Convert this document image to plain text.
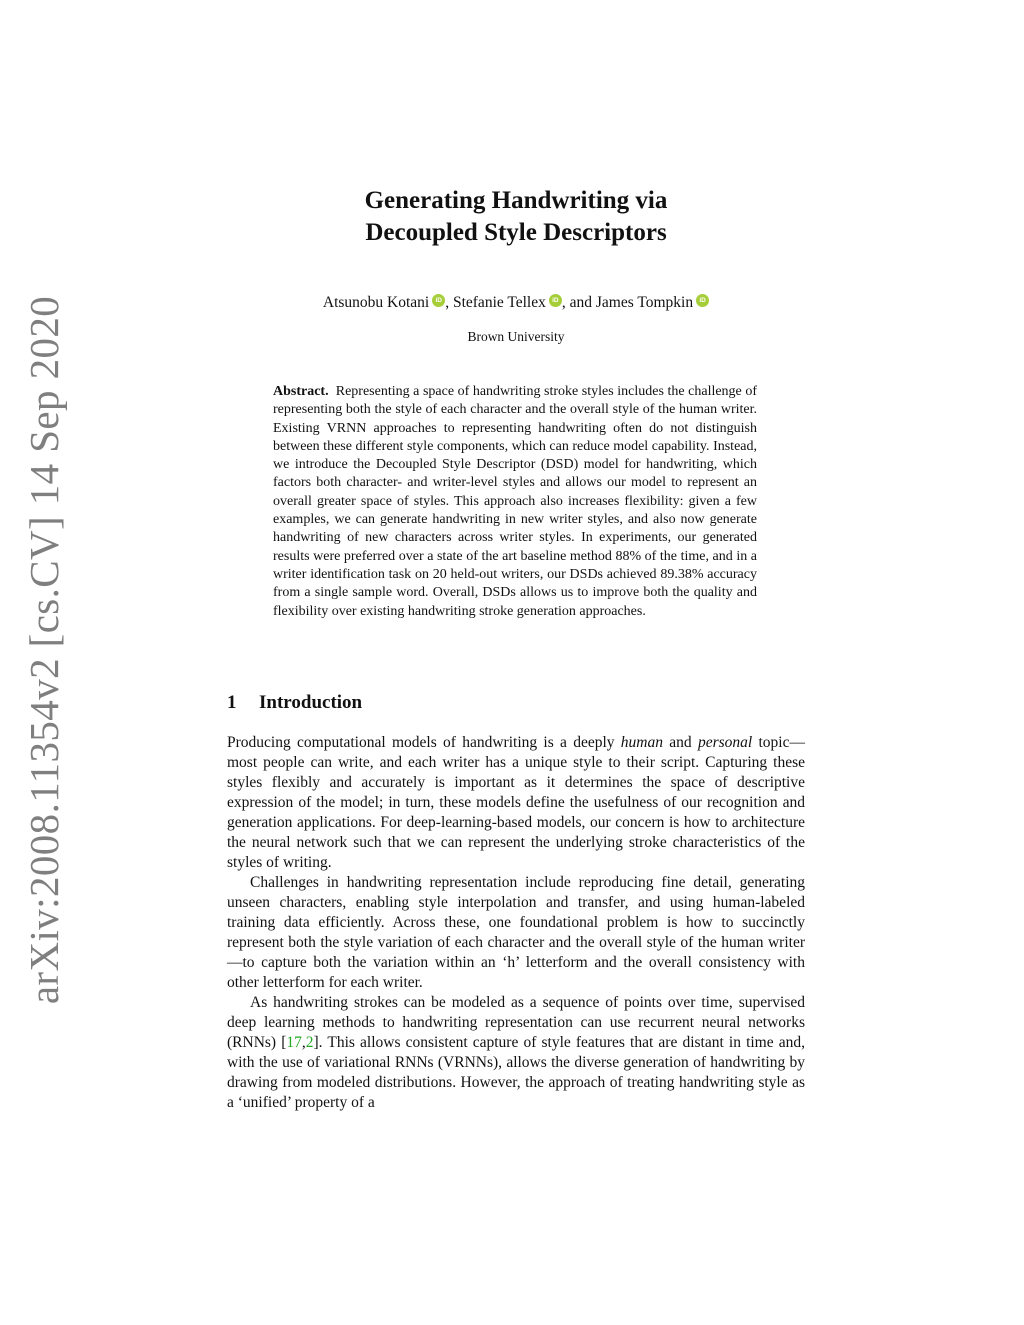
arXiv:2008.11354v2 [cs.CV] 14 Sep 2020
Generating Handwriting via
Decoupled Style Descriptors
Atsunobu Kotani iD , Stefanie Tellex iD , and James Tompkin iD
Brown University
Abstract. Representing a space of handwriting stroke styles includes the challenge of representing both the style of each character and the overall style of the human writer. Existing VRNN approaches to representing handwriting often do not distinguish between these different style components, which can reduce model capability. Instead, we introduce the Decoupled Style Descriptor (DSD) model for handwriting, which factors both character- and writer-level styles and allows our model to represent an overall greater space of styles. This approach also increases flexibility: given a few examples, we can generate handwriting in new writer styles, and also now generate handwriting of new characters across writer styles. In experiments, our generated results were preferred over a state of the art baseline method 88% of the time, and in a writer identification task on 20 held-out writers, our DSDs achieved 89.38% accuracy from a single sample word. Overall, DSDs allows us to improve both the quality and flexibility over existing handwriting stroke generation approaches.
1 Introduction

Producing computational models of handwriting is a deeply human and personal topic—most people can write, and each writer has a unique style to their script. Capturing these styles flexibly and accurately is important as it determines the space of descriptive expression of the model; in turn, these models define the usefulness of our recognition and generation applications. For deep-learning-based models, our concern is how to architecture the neural network such that we can represent the underlying stroke characteristics of the styles of writing.

Challenges in handwriting representation include reproducing fine detail, generating unseen characters, enabling style interpolation and transfer, and using human-labeled training data efficiently. Across these, one foundational problem is how to succinctly represent both the style variation of each character and the overall style of the human writer—to capture both the variation within an ‘h’ letterform and the overall consistency with other letterform for each writer.

As handwriting strokes can be modeled as a sequence of points over time, supervised deep learning methods to handwriting representation can use recurrent neural networks (RNNs) [17,2]. This allows consistent capture of style features that are distant in time and, with the use of variational RNNs (VRNNs), allows the diverse generation of handwriting by drawing from modeled distributions. However, the approach of treating handwriting style as a ‘unified’ property of a
